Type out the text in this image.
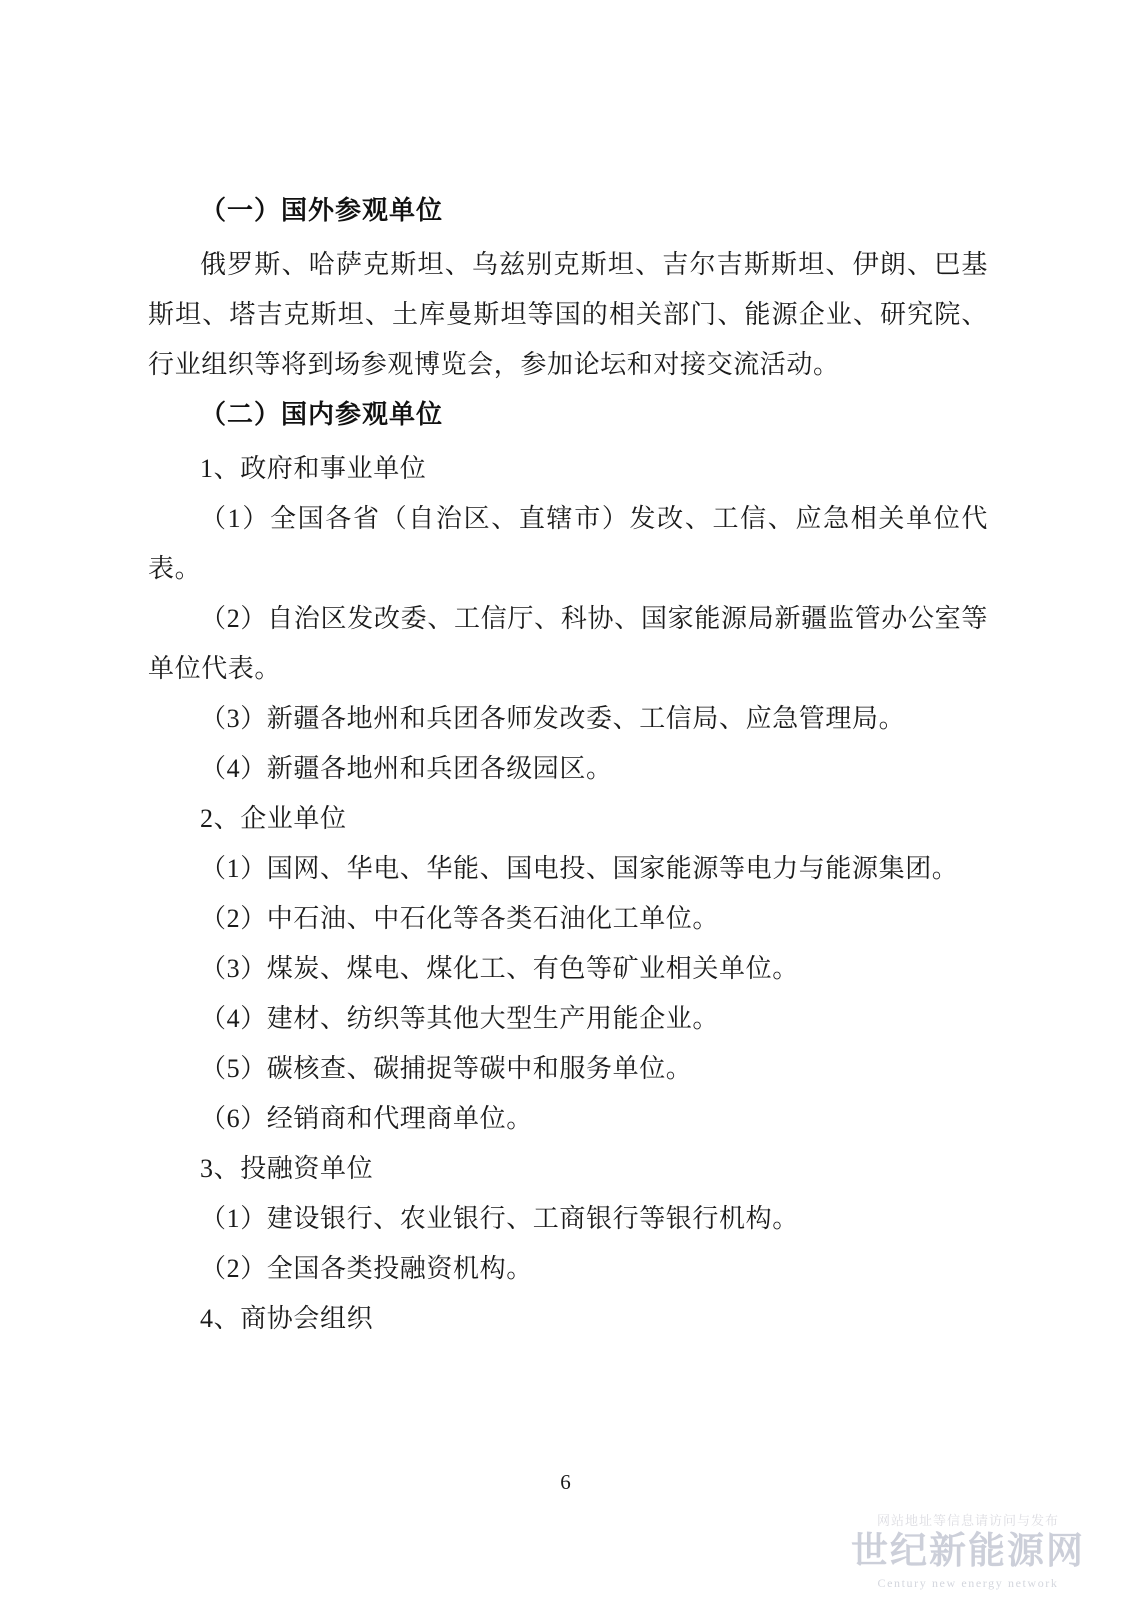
（一）国外参观单位

俄罗斯、哈萨克斯坦、乌兹别克斯坦、吉尔吉斯斯坦、伊朗、巴基斯坦、塔吉克斯坦、土库曼斯坦等国的相关部门、能源企业、研究院、行业组织等将到场参观博览会，参加论坛和对接交流活动。

（二）国内参观单位

1、政府和事业单位

（1）全国各省（自治区、直辖市）发改、工信、应急相关单位代表。

（2）自治区发改委、工信厅、科协、国家能源局新疆监管办公室等单位代表。

（3）新疆各地州和兵团各师发改委、工信局、应急管理局。

（4）新疆各地州和兵团各级园区。

2、企业单位

（1）国网、华电、华能、国电投、国家能源等电力与能源集团。

（2）中石油、中石化等各类石油化工单位。

（3）煤炭、煤电、煤化工、有色等矿业相关单位。

（4）建材、纺织等其他大型生产用能企业。

（5）碳核查、碳捕捉等碳中和服务单位。

（6）经销商和代理商单位。

3、投融资单位

（1）建设银行、农业银行、工商银行等银行机构。

（2）全国各类投融资机构。

4、商协会组织

6
网站地址等信息请访问与发布
世纪新能源网
Century new energy network
